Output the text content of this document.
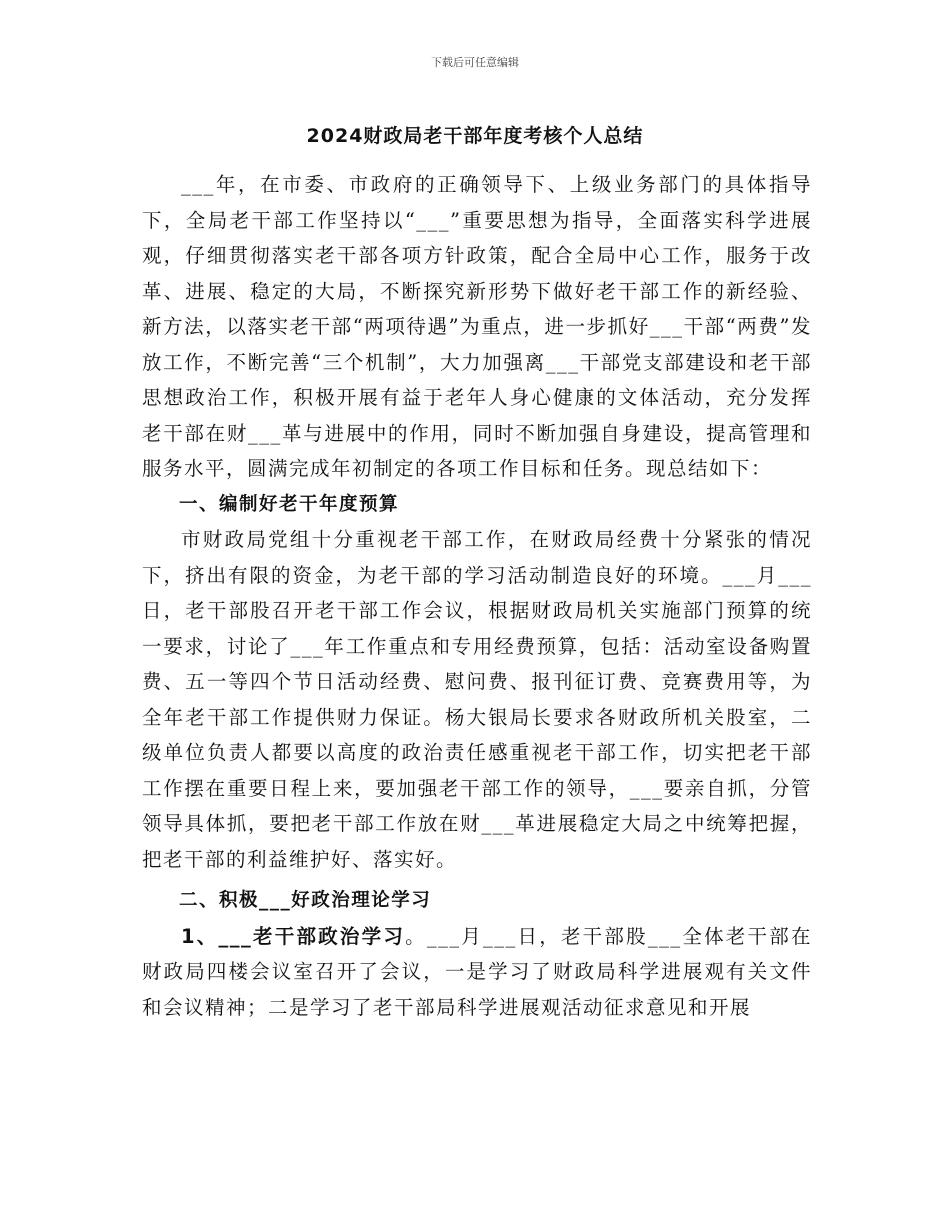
下载后可任意编辑
2024财政局老干部年度考核个人总结

___年，在市委、市政府的正确领导下、上级业务部门的具体指导下，全局老干部工作坚持以“___”重要思想为指导，全面落实科学进展观，仔细贯彻落实老干部各项方针政策，配合全局中心工作，服务于改革、进展、稳定的大局，不断探究新形势下做好老干部工作的新经验、新方法，以落实老干部“两项待遇”为重点，进一步抓好___干部“两费”发放工作，不断完善“三个机制”，大力加强离___干部党支部建设和老干部思想政治工作，积极开展有益于老年人身心健康的文体活动，充分发挥老干部在财___革与进展中的作用，同时不断加强自身建设，提高管理和服务水平，圆满完成年初制定的各项工作目标和任务。现总结如下：

一、编制好老干年度预算

市财政局党组十分重视老干部工作，在财政局经费十分紧张的情况下，挤出有限的资金，为老干部的学习活动制造良好的环境。___月___日，老干部股召开老干部工作会议，根据财政局机关实施部门预算的统一要求，讨论了___年工作重点和专用经费预算，包括：活动室设备购置费、五一等四个节日活动经费、慰问费、报刊征订费、竞赛费用等，为全年老干部工作提供财力保证。杨大银局长要求各财政所机关股室，二级单位负责人都要以高度的政治责任感重视老干部工作，切实把老干部工作摆在重要日程上来，要加强老干部工作的领导，___要亲自抓，分管领导具体抓，要把老干部工作放在财___革进展稳定大局之中统筹把握，把老干部的利益维护好、落实好。

二、积极___好政治理论学习

1、___老干部政治学习。___月___日，老干部股___全体老干部在财政局四楼会议室召开了会议，一是学习了财政局科学进展观有关文件和会议精神；二是学习了老干部局科学进展观活动征求意见和开展
